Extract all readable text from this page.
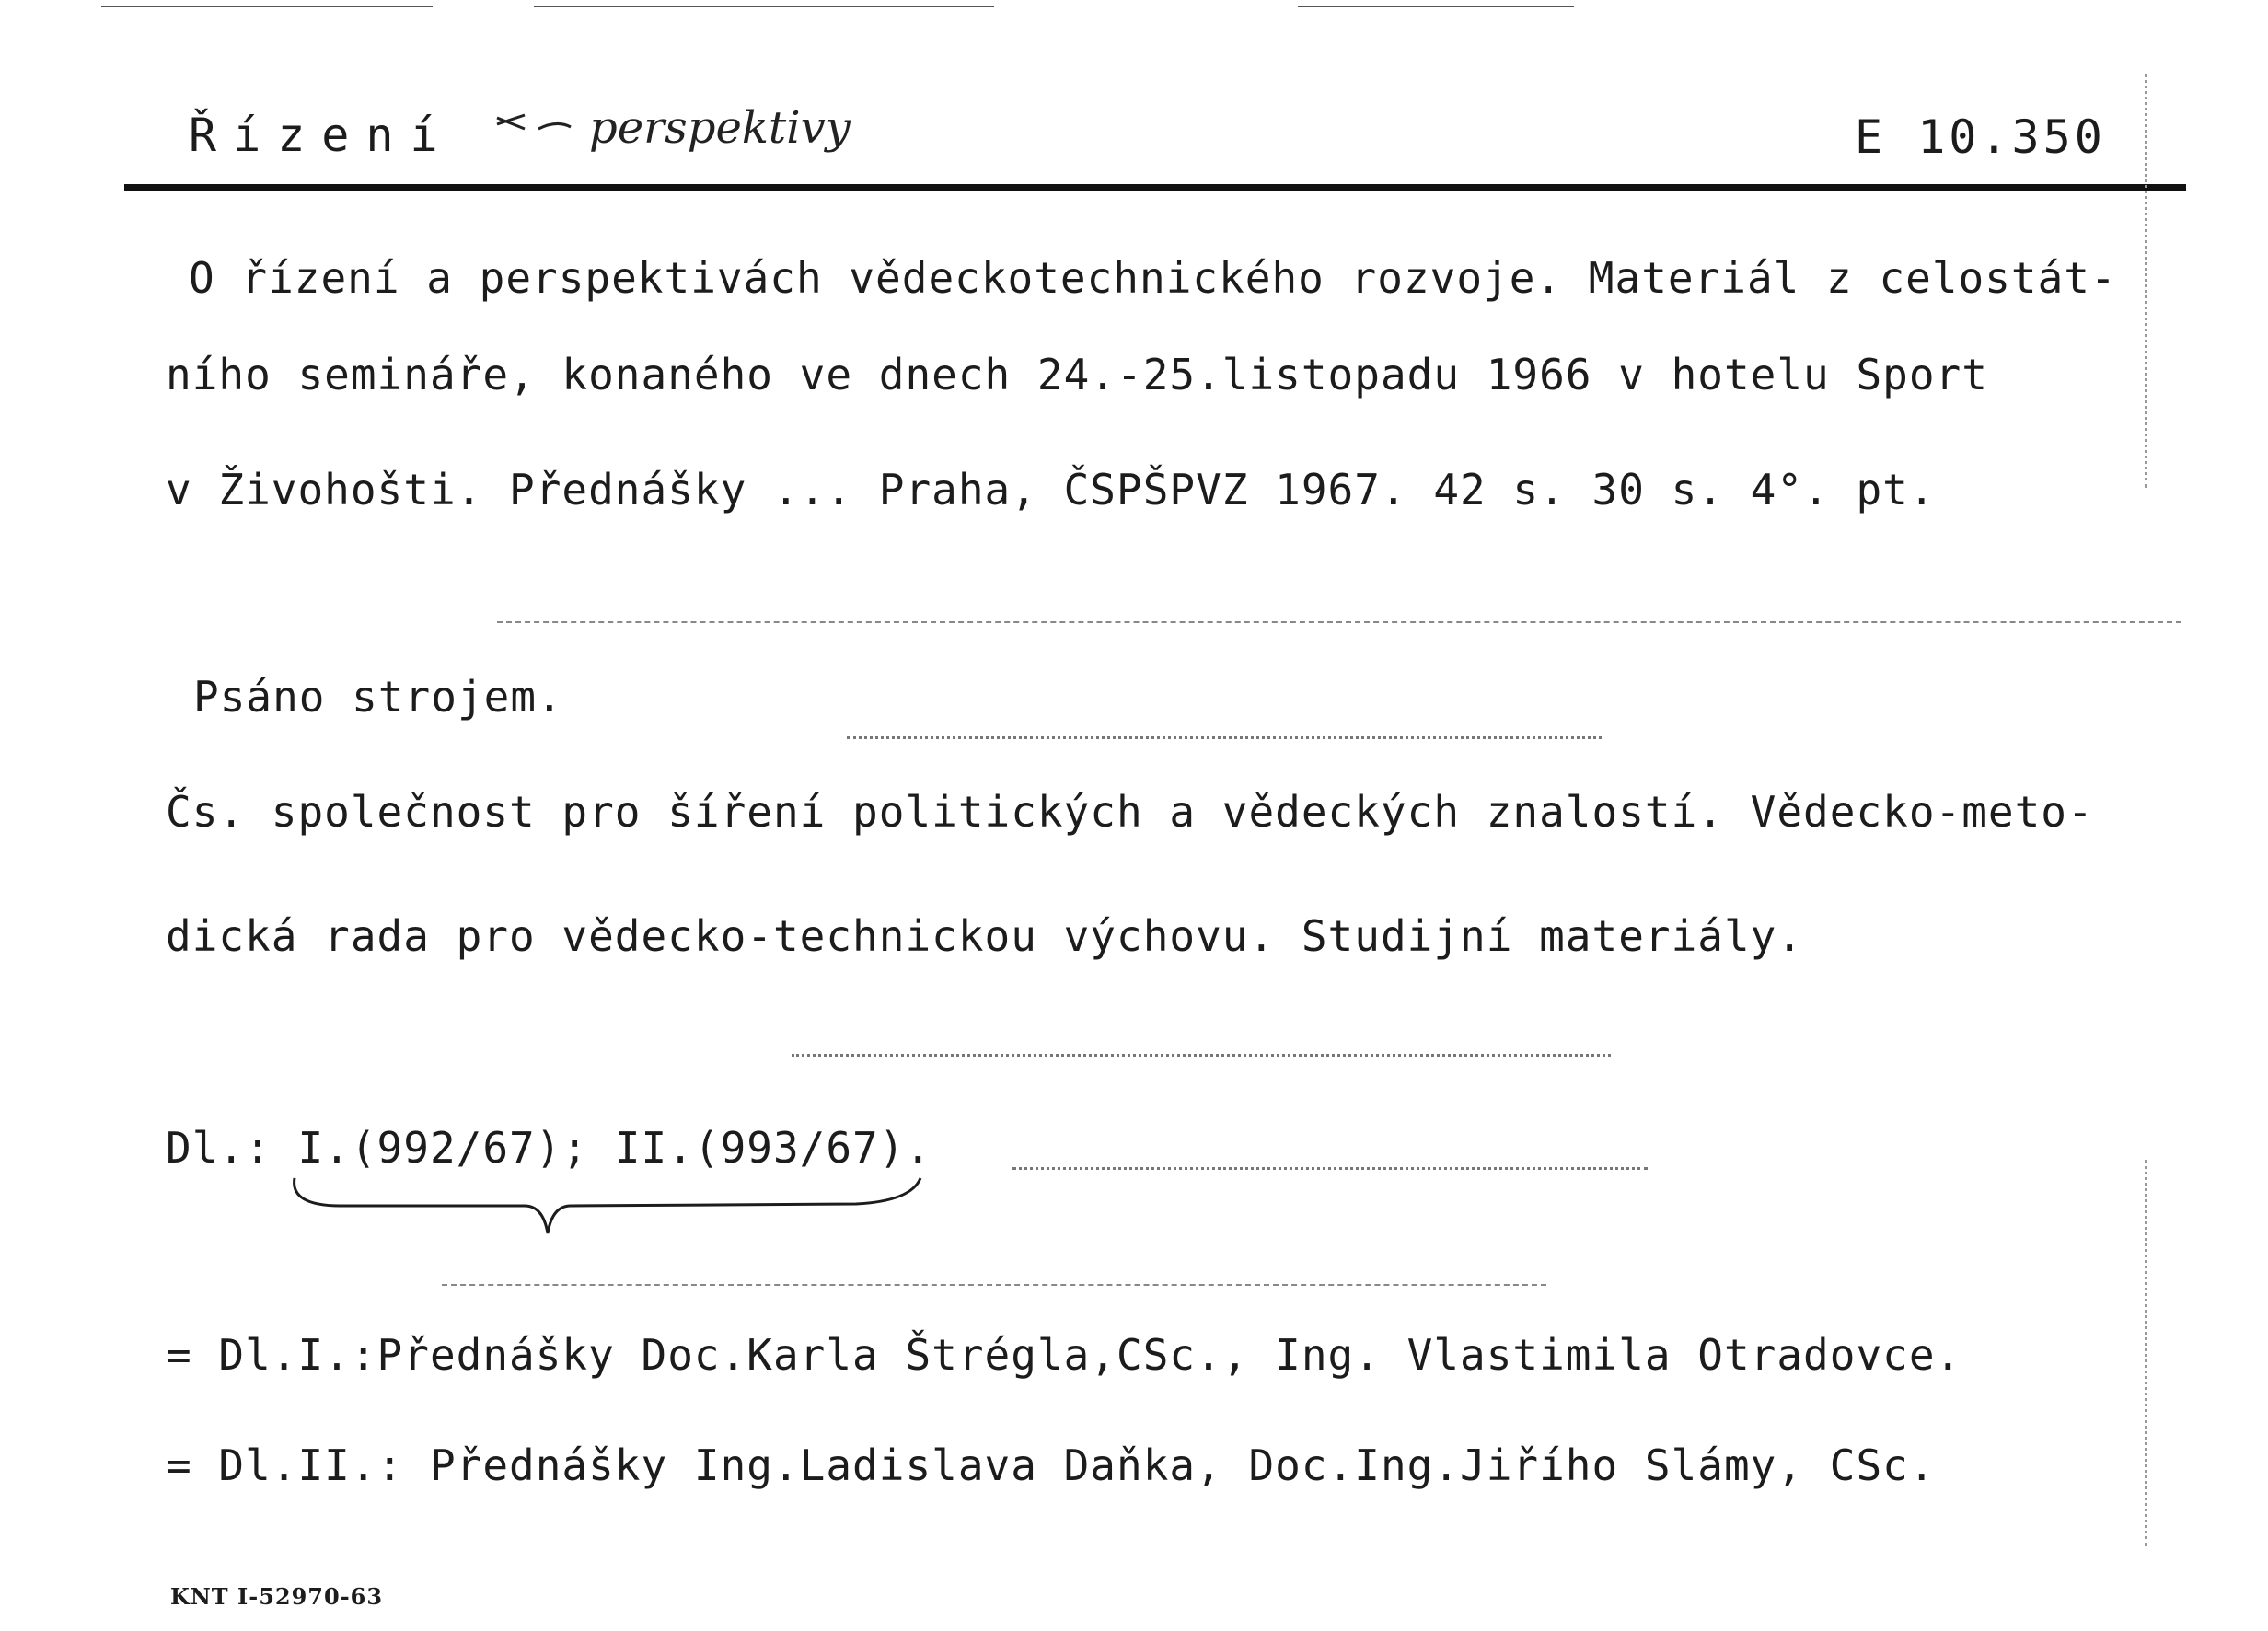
Řízení	perspektivy	E 10.350
O řízení a perspektivách vědeckotechnického rozvoje. Materiál z celostát-
ního semináře, konaného ve dnech 24.-25.listopadu 1966 v hotelu Sport
v Živohošti. Přednášky ... Praha, ČSPŠPVZ 1967. 42 s. 30 s. 4°. pt.
Psáno strojem.
Čs. společnost pro šíření politických a vědeckých znalostí. Vědecko-meto-
dická rada pro vědecko-technickou výchovu. Studijní materiály.
Dl.: I.(992/67); II.(993/67).
= Dl.I.:Přednášky Doc.Karla Štrégla,CSc., Ing. Vlastimila Otradovce.
= Dl.II.: Přednášky Ing.Ladislava Daňka, Doc.Ing.Jiřího Slámy, CSc.
KNT I-52970-63
